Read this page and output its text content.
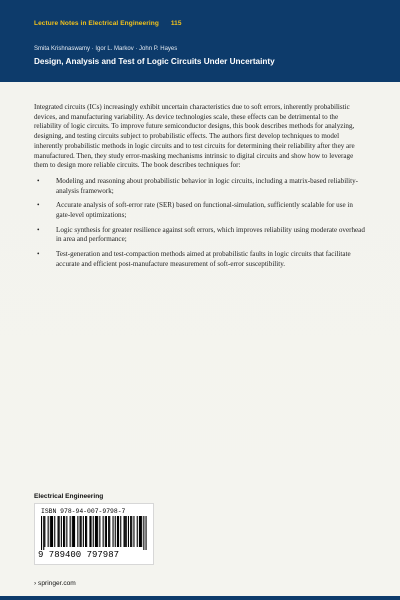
Lecture Notes in Electrical Engineering 115
Smita Krishnaswamy · Igor L. Markov · John P. Hayes
Design, Analysis and Test of Logic Circuits Under Uncertainty

Integrated circuits (ICs) increasingly exhibit uncertain characteristics due to soft errors, inherently probabilistic devices, and manufacturing variability. As device technologies scale, these effects can be detrimental to the reliability of logic circuits. To improve future semiconductor designs, this book describes methods for analyzing, designing, and testing circuits subject to probabilistic effects. The authors first develop techniques to model inherently probabilistic methods in logic circuits and to test circuits for determining their reliability after they are manufactured. Then, they study error-masking mechanisms intrinsic to digital circuits and show how to leverage them to design more reliable circuits. The book describes techniques for:

• Modeling and reasoning about probabilistic behavior in logic circuits, including a matrix-based reliability-analysis framework;
• Accurate analysis of soft-error rate (SER) based on functional-simulation, sufficiently scalable for use in gate-level optimizations;
• Logic synthesis for greater resilience against soft errors, which improves reliability using moderate overhead in area and performance;
• Test-generation and test-compaction methods aimed at probabilistic faults in logic circuits that facilitate accurate and efficient post-manufacture measurement of soft-error susceptibility.
Electrical Engineering
ISBN 978-94-007-9798-7
9 789400 797987
› springer.com
